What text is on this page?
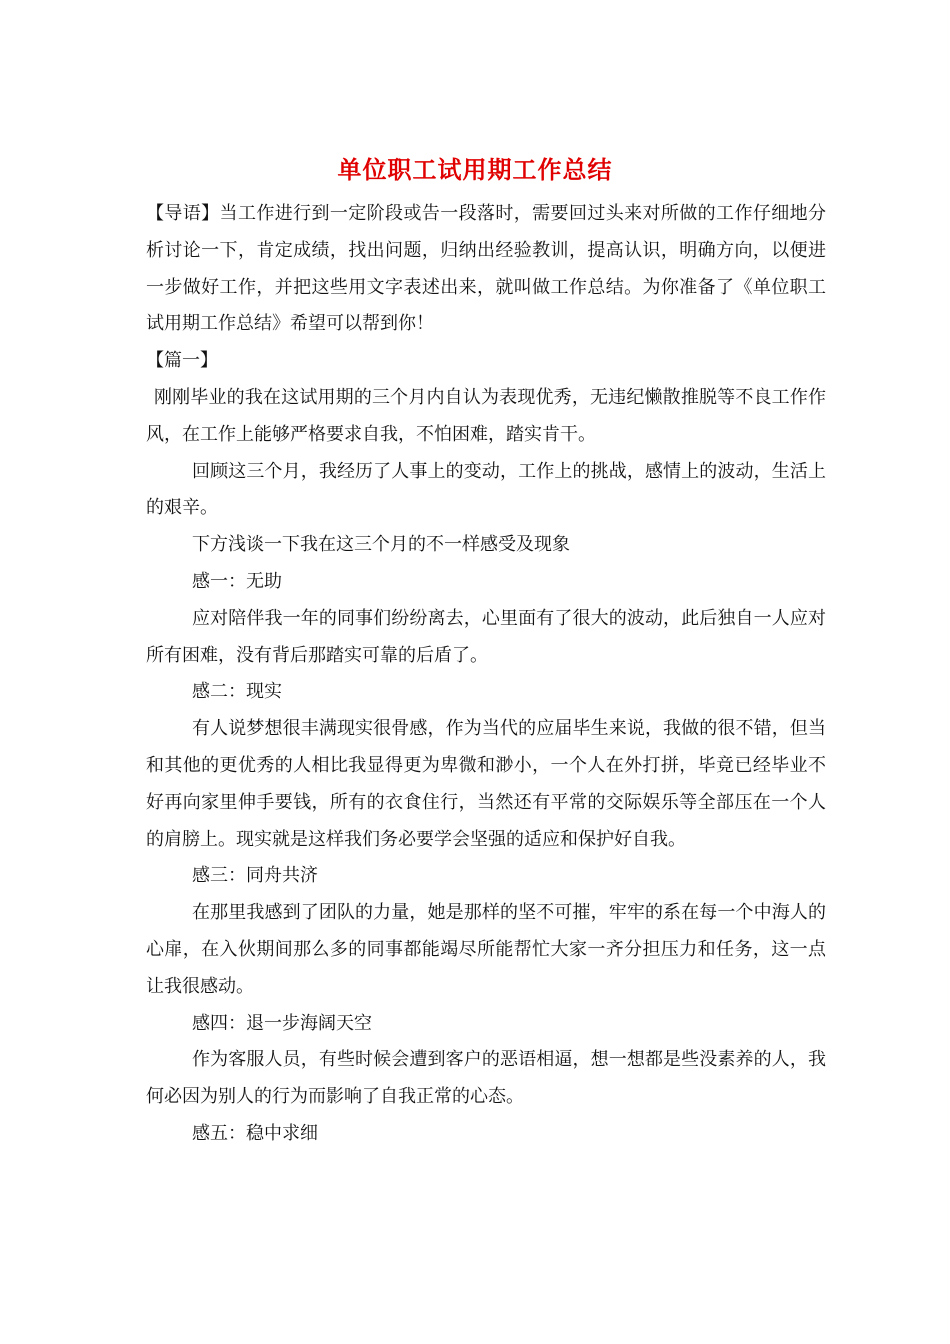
单位职工试用期工作总结

【导语】当工作进行到一定阶段或告一段落时，需要回过头来对所做的工作仔细地分析讨论一下，肯定成绩，找出问题，归纳出经验教训，提高认识，明确方向，以便进一步做好工作，并把这些用文字表述出来，就叫做工作总结。为你准备了《单位职工试用期工作总结》希望可以帮到你！

【篇一】

刚刚毕业的我在这试用期的三个月内自认为表现优秀，无违纪懒散推脱等不良工作作风，在工作上能够严格要求自我，不怕困难，踏实肯干。

回顾这三个月，我经历了人事上的变动，工作上的挑战，感情上的波动，生活上的艰辛。

下方浅谈一下我在这三个月的不一样感受及现象

感一：无助

应对陪伴我一年的同事们纷纷离去，心里面有了很大的波动，此后独自一人应对所有困难，没有背后那踏实可靠的后盾了。

感二：现实

有人说梦想很丰满现实很骨感，作为当代的应届毕生来说，我做的很不错，但当和其他的更优秀的人相比我显得更为卑微和渺小，一个人在外打拼，毕竟已经毕业不好再向家里伸手要钱，所有的衣食住行，当然还有平常的交际娱乐等全部压在一个人的肩膀上。现实就是这样我们务必要学会坚强的适应和保护好自我。

感三：同舟共济

在那里我感到了团队的力量，她是那样的坚不可摧，牢牢的系在每一个中海人的心扉，在入伙期间那么多的同事都能竭尽所能帮忙大家一齐分担压力和任务，这一点让我很感动。

感四：退一步海阔天空

作为客服人员，有些时候会遭到客户的恶语相逼，想一想都是些没素养的人，我何必因为别人的行为而影响了自我正常的心态。

感五：稳中求细
